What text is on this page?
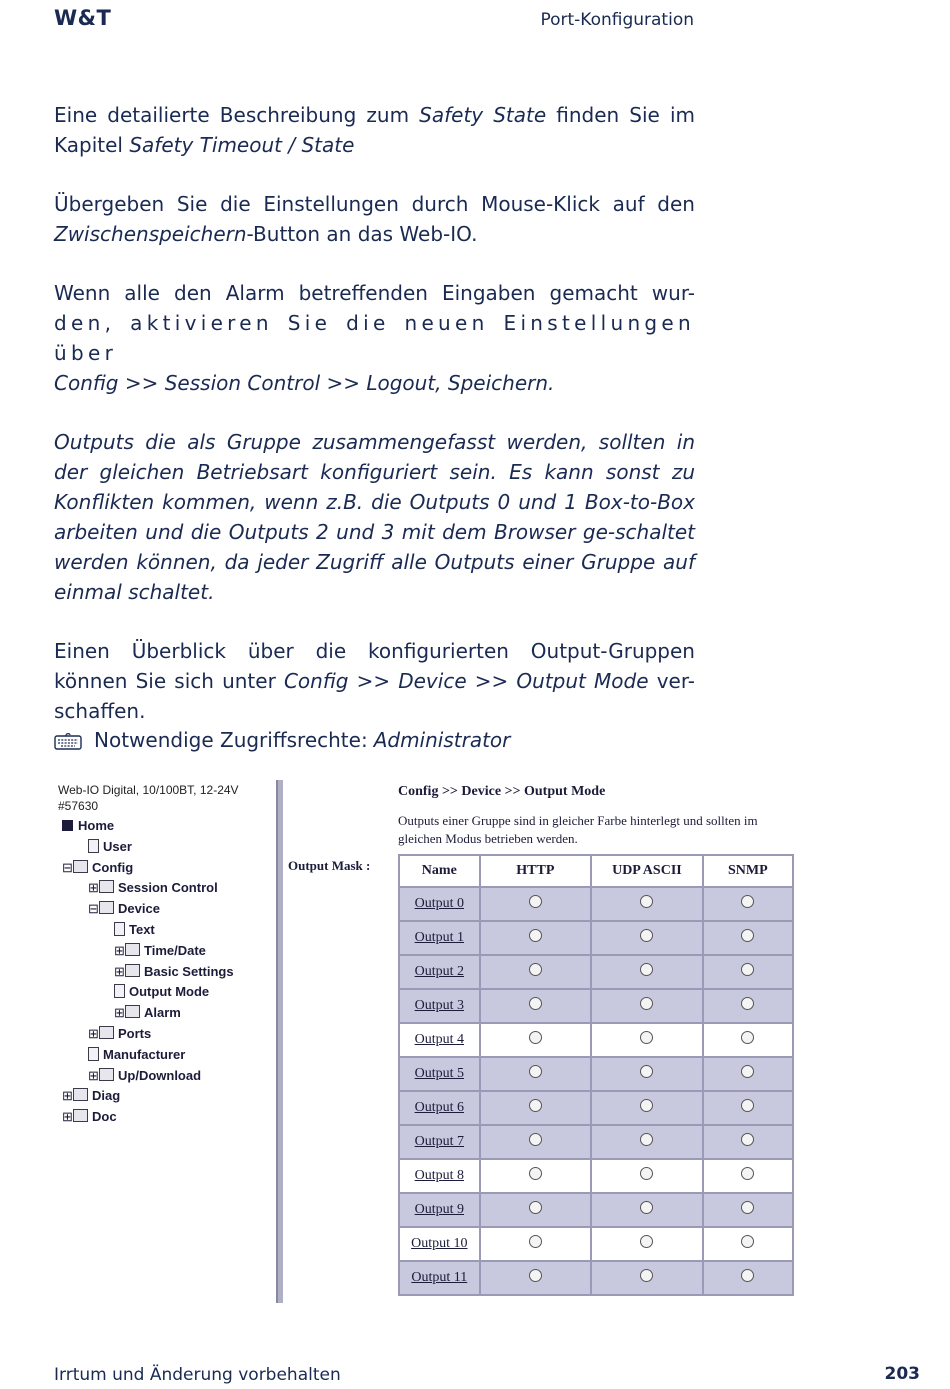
W&T	Port-Konfiguration

Eine detailierte Beschreibung zum Safety State finden Sie im Kapitel Safety Timeout / State

Übergeben Sie die Einstellungen durch Mouse-Klick auf den Zwischenspeichern-Button an das Web-IO.

Wenn alle den Alarm betreffenden Eingaben gemacht wur-
den, aktivieren Sie die neuen Einstellungen über
Config >> Session Control >> Logout, Speichern.

Outputs die als Gruppe zusammengefasst werden, sollten in der gleichen Betriebsart konfiguriert sein. Es kann sonst zu Konflikten kommen, wenn z.B. die Outputs 0 und 1 Box-to-Box arbeiten und die Outputs 2 und 3 mit dem Browser ge-schaltet werden können, da jeder Zugriff alle Outputs einer Gruppe auf einmal schaltet.

Einen Überblick über die konfigurierten Output-Gruppen können Sie sich unter Config >> Device >> Output Mode ver-schaffen.

Notwendige Zugriffsrechte: Administrator
Web-IO Digital, 10/100BT, 12-24V
#57630
Home
User
⊟ Config
⊞ Session Control
⊟ Device
Text
⊞ Time/Date
⊞ Basic Settings
Output Mode
⊞ Alarm
⊞ Ports
Manufacturer
⊞ Up/Download
⊞ Diag
⊞ Doc
Config >> Device >> Output Mode
Outputs einer Gruppe sind in gleicher Farbe hinterlegt und sollten im gleichen Modus betrieben werden.
Output Mask :	Name	HTTP	UDP ASCII	SNMP
Output 0			
Output 1			
Output 2			
Output 3			
Output 4			
Output 5			
Output 6			
Output 7			
Output 8			
Output 9			
Output 10			
Output 11			
Irrtum und Änderung vorbehalten	203
